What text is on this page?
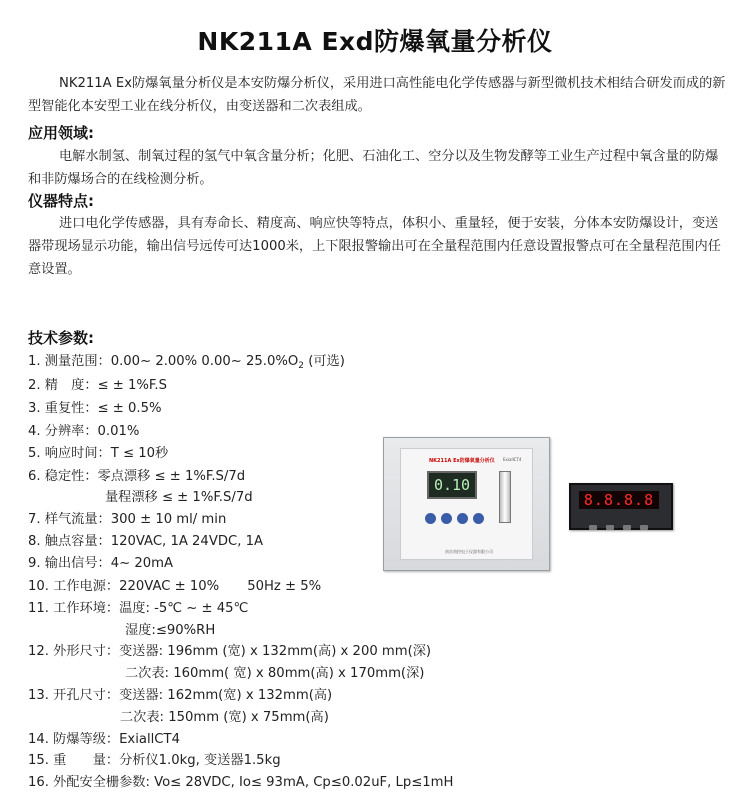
NK211A Exd防爆氧量分析仪
NK211A Ex防爆氧量分析仪是本安防爆分析仪，采用进口高性能电化学传感器与新型微机技术相结合研发而成的新型智能化本安型工业在线分析仪，由变送器和二次表组成。
应用领域:
电解水制氢、制氧过程的氢气中氧含量分析；化肥、石油化工、空分以及生物发酵等工业生产过程中氧含量的防爆和非防爆场合的在线检测分析。
仪器特点:
进口电化学传感器，具有寿命长、精度高、响应快等特点，体积小、重量轻，便于安装，分体本安防爆设计，变送器带现场显示功能，输出信号远传可达1000米，上下限报警输出可在全量程范围内任意设置报警点可在全量程范围内任意设置。
技术参数:
1. 测量范围：0.00~ 2.00% 0.00~ $25.0\%O_2$ (可选)
2. 精　度：≤ ± 1%F.S
3. 重复性：≤ ± 0.5%
4. 分辨率：0.01%
5. 响应时间：T ≤ 10秒
6. 稳定性：零点漂移 ≤ ± 1%F.S/7d
量程漂移 ≤ ± 1%F.S/7d
7. 样气流量：300 ± 10 ml/ min
8. 触点容量：120VAC, 1A 24VDC, 1A
9. 输出信号：4~ 20mA
10. 工作电源：220VAC ± 10% 50Hz ± 5%
11. 工作环境：温度: -5℃ ~ ± 45℃
湿度:≤90%RH
12. 外形尺寸：变送器: 196mm (宽) x 132mm(高) x 200 mm(深)
二次表: 160mm( 宽) x 80mm(高) x 170mm(深)
13. 开孔尺寸：变送器: 162mm(宽) x 132mm(高)
二次表: 150mm (宽) x 75mm(高)
14. 防爆等级：ExiallCT4
15. 重　　量：分析仪1.0kg, 变送器1.5kg
16. 外配安全栅参数: Vo≤ 28VDC, Io≤ 93mA, Cp≤0.02uF, Lp≤1mH
NK211A Ex防爆氧量分析仪 ExiallCT4
0.10
南京南控电子仪器有限公司
8.8.8.8
